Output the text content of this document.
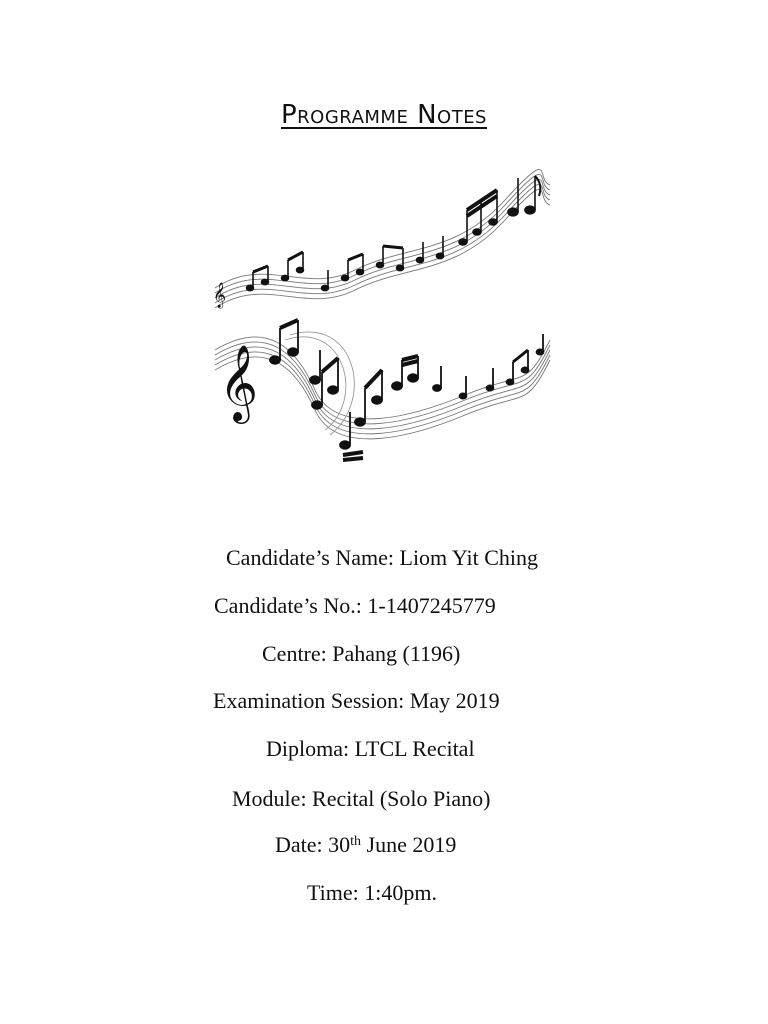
Programme Notes
𝄞
𝄞
Candidate’s Name: Liom Yit Ching
Candidate’s No.: 1-1407245779
Centre: Pahang (1196)
Examination Session: May 2019
Diploma: LTCL Recital
Module: Recital (Solo Piano)
Date: 30th June 2019
Time: 1:40pm.
